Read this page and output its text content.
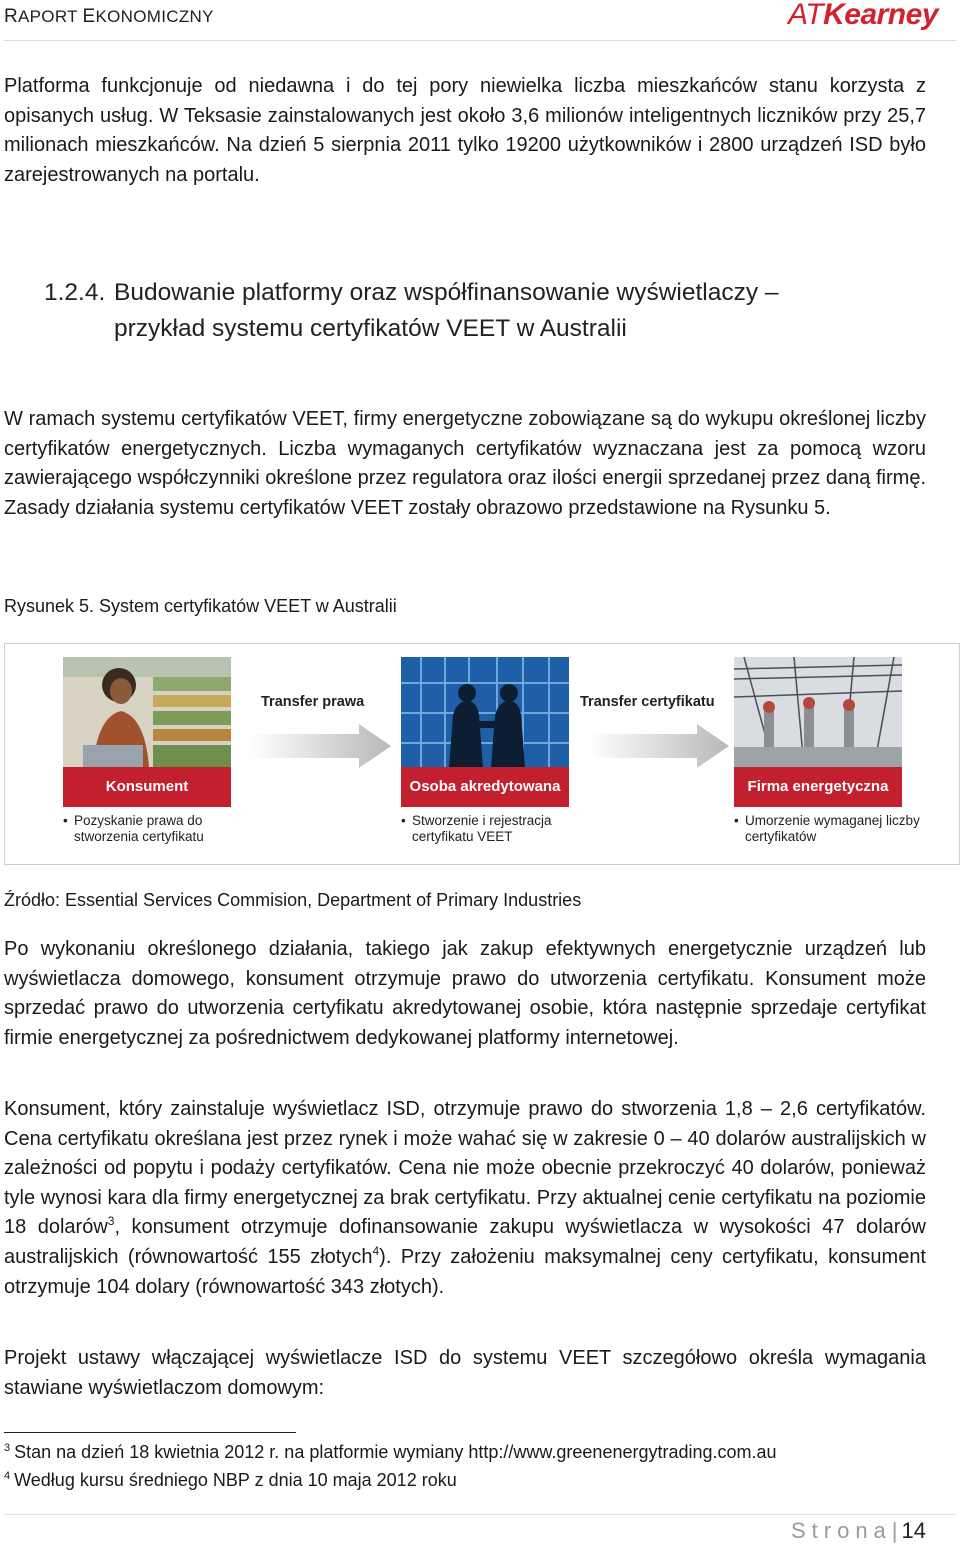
RAPORT EKONOMICZNY	ATKearney

Platforma funkcjonuje od niedawna i do tej pory niewielka liczba mieszkańców stanu korzysta z opisanych usług. W Teksasie zainstalowanych jest około 3,6 milionów inteligentnych liczników przy 25,7 milionach mieszkańców. Na dzień 5 sierpnia 2011 tylko 19200 użytkowników i 2800 urządzeń ISD było zarejestrowanych na portalu.

1.2.4. Budowanie platformy oraz współfinansowanie wyświetlaczy –
przykład systemu certyfikatów VEET w Australii

W ramach systemu certyfikatów VEET, firmy energetyczne zobowiązane są do wykupu określonej liczby certyfikatów energetycznych. Liczba wymaganych certyfikatów wyznaczana jest za pomocą wzoru zawierającego współczynniki określone przez regulatora oraz ilości energii sprzedanej przez daną firmę. Zasady działania systemu certyfikatów VEET zostały obrazowo przedstawione na Rysunku 5.

Rysunek 5. System certyfikatów VEET w Australii
Konsument
• Pozyskanie prawa do stworzenia certyfikatu
Transfer prawa
Osoba akredytowana
• Stworzenie i rejestracja certyfikatu VEET
Transfer certyfikatu
Firma energetyczna
• Umorzenie wymaganej liczby certyfikatów
Źródło: Essential Services Commision, Department of Primary Industries

Po wykonaniu określonego działania, takiego jak zakup efektywnych energetycznie urządzeń lub wyświetlacza domowego, konsument otrzymuje prawo do utworzenia certyfikatu. Konsument może sprzedać prawo do utworzenia certyfikatu akredytowanej osobie, która następnie sprzedaje certyfikat firmie energetycznej za pośrednictwem dedykowanej platformy internetowej.

Konsument, który zainstaluje wyświetlacz ISD, otrzymuje prawo do stworzenia 1,8 – 2,6 certyfikatów. Cena certyfikatu określana jest przez rynek i może wahać się w zakresie 0 – 40 dolarów australijskich w zależności od popytu i podaży certyfikatów. Cena nie może obecnie przekroczyć 40 dolarów, ponieważ tyle wynosi kara dla firmy energetycznej za brak certyfikatu. Przy aktualnej cenie certyfikatu na poziomie 18 dolarów$^3$, konsument otrzymuje dofinansowanie zakupu wyświetlacza w wysokości 47 dolarów australijskich (równowartość 155 złotych$^4$). Przy założeniu maksymalnej ceny certyfikatu, konsument otrzymuje 104 dolary (równowartość 343 złotych).

Projekt ustawy włączającej wyświetlacze ISD do systemu VEET szczegółowo określa wymagania stawiane wyświetlaczom domowym:

$^3$ Stan na dzień 18 kwietnia 2012 r. na platformie wymiany http://www.greenenergytrading.com.au
$^4$ Według kursu średniego NBP z dnia 10 maja 2012 roku
Strona| 14
